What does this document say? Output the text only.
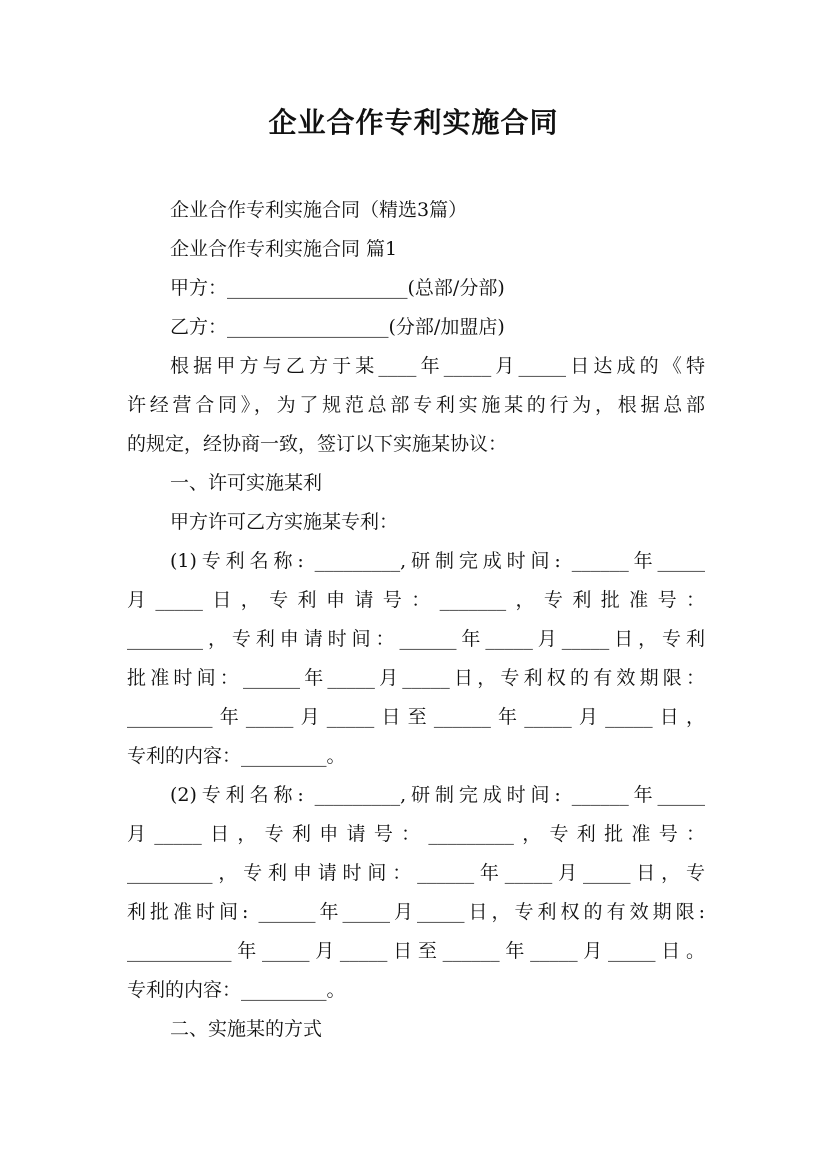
企业合作专利实施合同
企业合作专利实施合同（精选3篇）
企业合作专利实施合同 篇1
甲方：___________________(总部/分部)
乙方：_________________(分部/加盟店)
根据甲方与乙方于某____年_____月_____日达成的《特
许经营合同》，为了规范总部专利实施某的行为，根据总部
的规定，经协商一致，签订以下实施某协议：
一、许可实施某利
甲方许可乙方实施某专利：
(1)专利名称: _________,研制完成时间: ______年_____
月_____日，专利申请号：_______，专利批准号：
________，专利申请时间：______年_____月_____日，专利
批准时间：______年_____月_____日，专利权的有效期限：
_________年_____月_____日至______年_____月_____日，
专利的内容：_________。
(2)专利名称: _________,研制完成时间: ______年_____
月_____日，专利申请号：_________，专利批准号：
_________，专利申请时间：______年_____月_____日，专
利批准时间: ______年_____月_____日，专利权的有效期限:
___________年_____月_____日至______年_____月_____日。
专利的内容：_________。
二、实施某的方式
